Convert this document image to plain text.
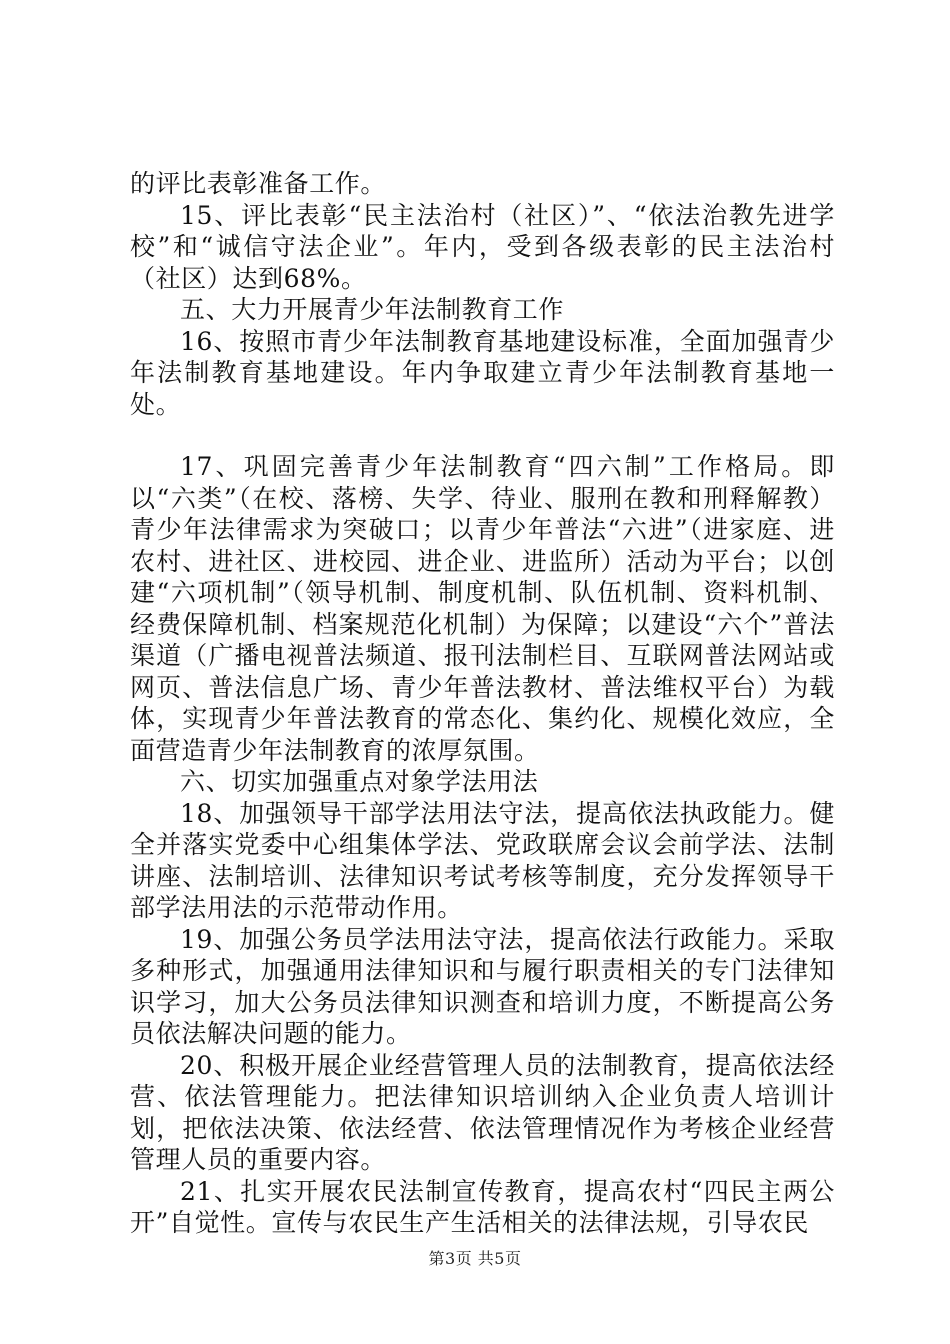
的评比表彰准备工作。

15、评比表彰“民主法治村（社区）”、“依法治教先进学校”和“诚信守法企业”。年内，受到各级表彰的民主法治村（社区）达到68%。

五、大力开展青少年法制教育工作

16、按照市青少年法制教育基地建设标准，全面加强青少年法制教育基地建设。年内争取建立青少年法制教育基地一处。

17、巩固完善青少年法制教育“四六制”工作格局。即以“六类”（在校、落榜、失学、待业、服刑在教和刑释解教）青少年法律需求为突破口；以青少年普法“六进”（进家庭、进农村、进社区、进校园、进企业、进监所）活动为平台；以创建“六项机制”（领导机制、制度机制、队伍机制、资料机制、经费保障机制、档案规范化机制）为保障；以建设“六个”普法渠道（广播电视普法频道、报刊法制栏目、互联网普法网站或网页、普法信息广场、青少年普法教材、普法维权平台）为载体，实现青少年普法教育的常态化、集约化、规模化效应，全面营造青少年法制教育的浓厚氛围。

六、切实加强重点对象学法用法

18、加强领导干部学法用法守法，提高依法执政能力。健全并落实党委中心组集体学法、党政联席会议会前学法、法制讲座、法制培训、法律知识考试考核等制度，充分发挥领导干部学法用法的示范带动作用。

19、加强公务员学法用法守法，提高依法行政能力。采取多种形式，加强通用法律知识和与履行职责相关的专门法律知识学习，加大公务员法律知识测查和培训力度，不断提高公务员依法解决问题的能力。

20、积极开展企业经营管理人员的法制教育，提高依法经营、依法管理能力。把法律知识培训纳入企业负责人培训计划，把依法决策、依法经营、依法管理情况作为考核企业经营管理人员的重要内容。

21、扎实开展农民法制宣传教育，提高农村“四民主两公开”自觉性。宣传与农民生产生活相关的法律法规，引导农民

第3页 共5页
